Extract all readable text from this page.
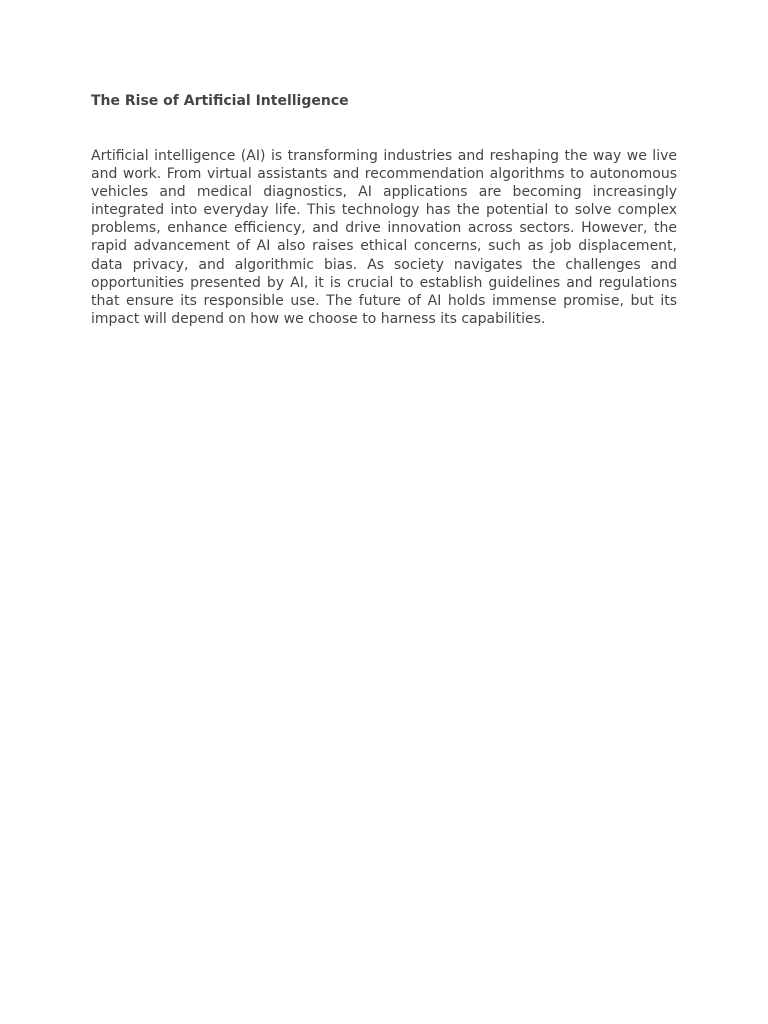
The Rise of Artificial Intelligence

Artificial intelligence (AI) is transforming industries and reshaping the way we live and work. From virtual assistants and recommendation algorithms to autonomous vehicles and medical diagnostics, AI applications are becoming increasingly integrated into everyday life. This technology has the potential to solve complex problems, enhance efficiency, and drive innovation across sectors. However, the rapid advancement of AI also raises ethical concerns, such as job displacement, data privacy, and algorithmic bias. As society navigates the challenges and opportunities presented by AI, it is crucial to establish guidelines and regulations that ensure its responsible use. The future of AI holds immense promise, but its impact will depend on how we choose to harness its capabilities.
